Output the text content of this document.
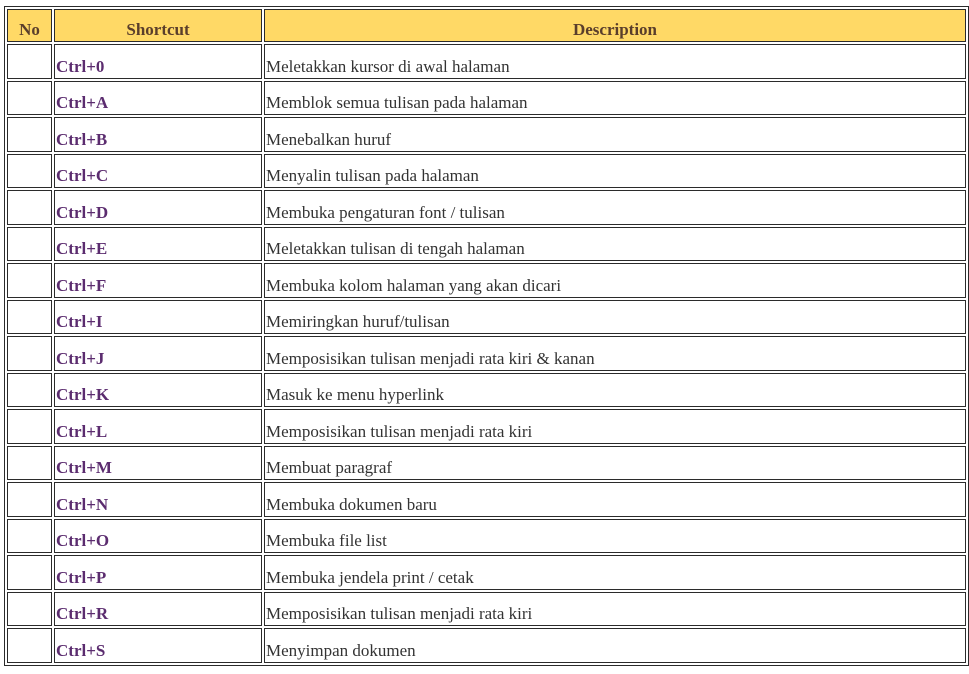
No	Shortcut	Description
	Ctrl+0	Meletakkan kursor di awal halaman
	Ctrl+A	Memblok semua tulisan pada halaman
	Ctrl+B	Menebalkan huruf
	Ctrl+C	Menyalin tulisan pada halaman
	Ctrl+D	Membuka pengaturan font / tulisan
	Ctrl+E	Meletakkan tulisan di tengah halaman
	Ctrl+F	Membuka kolom halaman yang akan dicari
	Ctrl+I	Memiringkan huruf/tulisan
	Ctrl+J	Memposisikan tulisan menjadi rata kiri & kanan
	Ctrl+K	Masuk ke menu hyperlink
	Ctrl+L	Memposisikan tulisan menjadi rata kiri
	Ctrl+M	Membuat paragraf
	Ctrl+N	Membuka dokumen baru
	Ctrl+O	Membuka file list
	Ctrl+P	Membuka jendela print / cetak
	Ctrl+R	Memposisikan tulisan menjadi rata kiri
	Ctrl+S	Menyimpan dokumen
